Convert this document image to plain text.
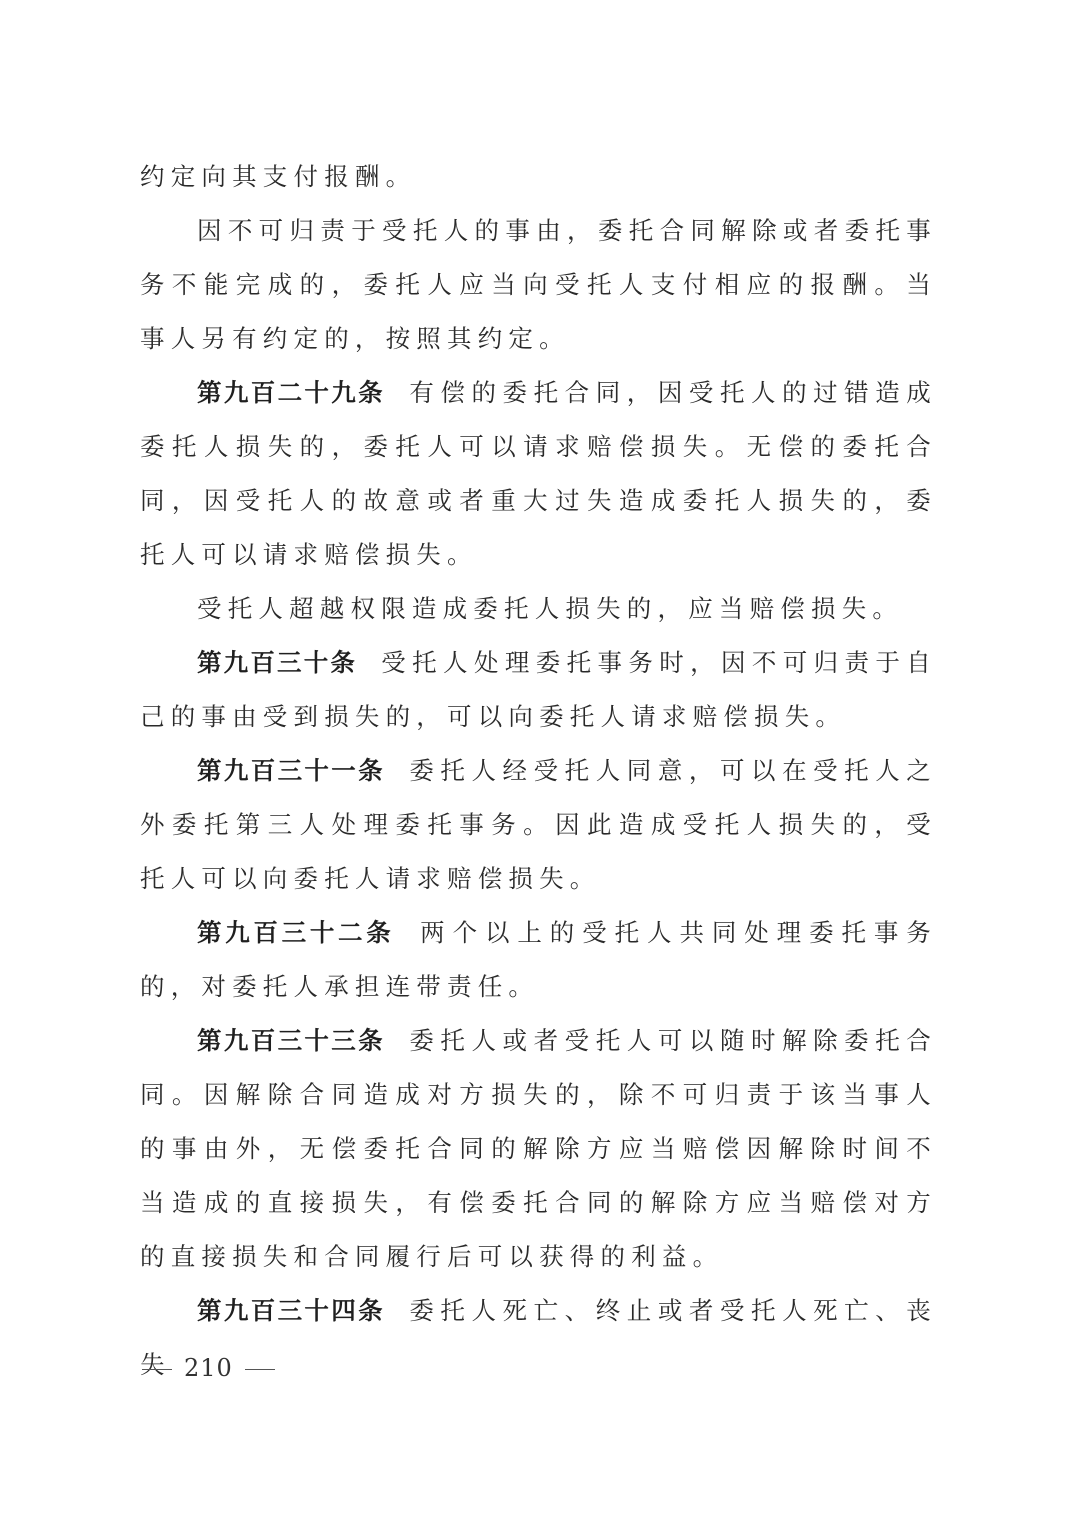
约定向其支付报酬。

因不可归责于受托人的事由，委托合同解除或者委托事务不能完成的，委托人应当向受托人支付相应的报酬。当事人另有约定的，按照其约定。

第九百二十九条 有偿的委托合同，因受托人的过错造成委托人损失的，委托人可以请求赔偿损失。无偿的委托合同，因受托人的故意或者重大过失造成委托人损失的，委托人可以请求赔偿损失。

受托人超越权限造成委托人损失的，应当赔偿损失。

第九百三十条 受托人处理委托事务时，因不可归责于自己的事由受到损失的，可以向委托人请求赔偿损失。

第九百三十一条 委托人经受托人同意，可以在受托人之外委托第三人处理委托事务。因此造成受托人损失的，受托人可以向委托人请求赔偿损失。

第九百三十二条 两个以上的受托人共同处理委托事务的，对委托人承担连带责任。

第九百三十三条 委托人或者受托人可以随时解除委托合同。因解除合同造成对方损失的，除不可归责于该当事人的事由外，无偿委托合同的解除方应当赔偿因解除时间不当造成的直接损失，有偿委托合同的解除方应当赔偿对方的直接损失和合同履行后可以获得的利益。

第九百三十四条 委托人死亡、终止或者受托人死亡、丧失 210
